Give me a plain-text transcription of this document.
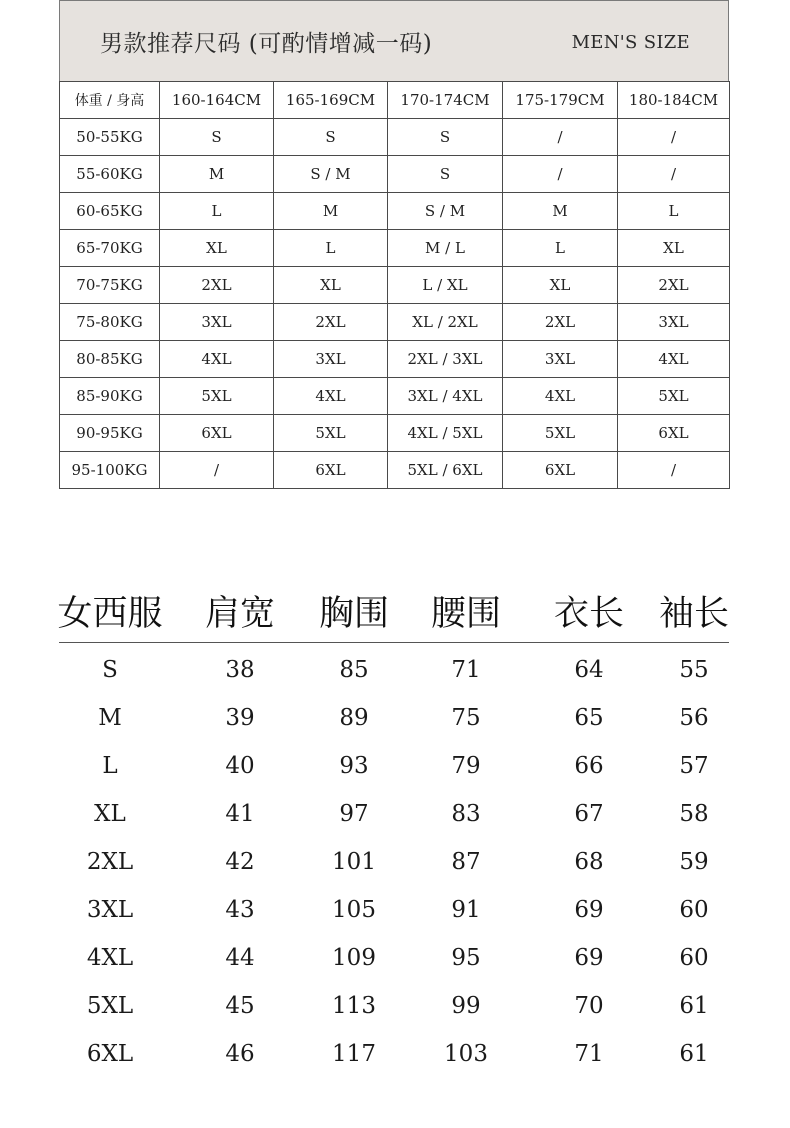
男款推荐尺码 (可酌情增减一码)	MEN'S SIZE
体重 / 身高	160-164CM	165-169CM	170-174CM	175-179CM	180-184CM
50-55KG	S	S	S	/	/
55-60KG	M	S / M	S	/	/
60-65KG	L	M	S / M	M	L
65-70KG	XL	L	M / L	L	XL
70-75KG	2XL	XL	L / XL	XL	2XL
75-80KG	3XL	2XL	XL / 2XL	2XL	3XL
80-85KG	4XL	3XL	2XL / 3XL	3XL	4XL
85-90KG	5XL	4XL	3XL / 4XL	4XL	5XL
90-95KG	6XL	5XL	4XL / 5XL	5XL	6XL
95-100KG	/	6XL	5XL / 6XL	6XL	/
女西服 肩宽 胸围 腰围 衣长 袖长
S	38	85	71	64	55
M	39	89	75	65	56
L	40	93	79	66	57
XL	41	97	83	67	58
2XL	42	101	87	68	59
3XL	43	105	91	69	60
4XL	44	109	95	69	60
5XL	45	113	99	70	61
6XL	46	117	103	71	61
